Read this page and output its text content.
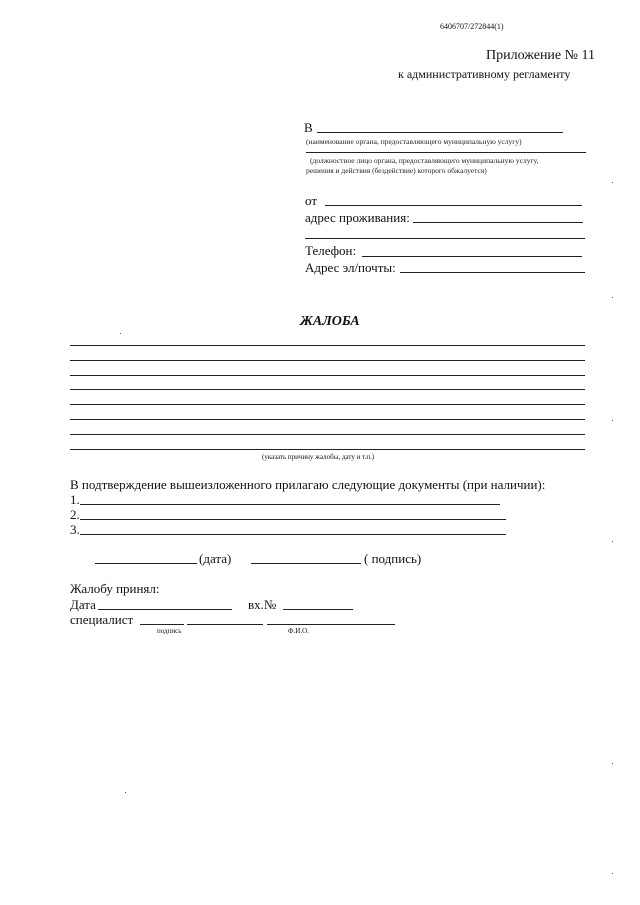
6406707/272844(1)
Приложение № 11
к административному регламенту
В
(наименование органа, предоставляющего муниципальную услугу)
(должностное лицо органа, предоставляющего муниципальную услугу,
решения и действия (бездействие) которого обжалуется)
от
адрес проживания:
Телефон:
Адрес эл/почты:
ЖАЛОБА
(указать причину жалобы, дату и т.п.)
В подтверждение вышеизложенного прилагаю следующие документы (при наличии):
1.
2.
3.
(дата)	( подпись)
Жалобу принял:
Дата	вх.№
специалист
подпись	Ф.И.О.
